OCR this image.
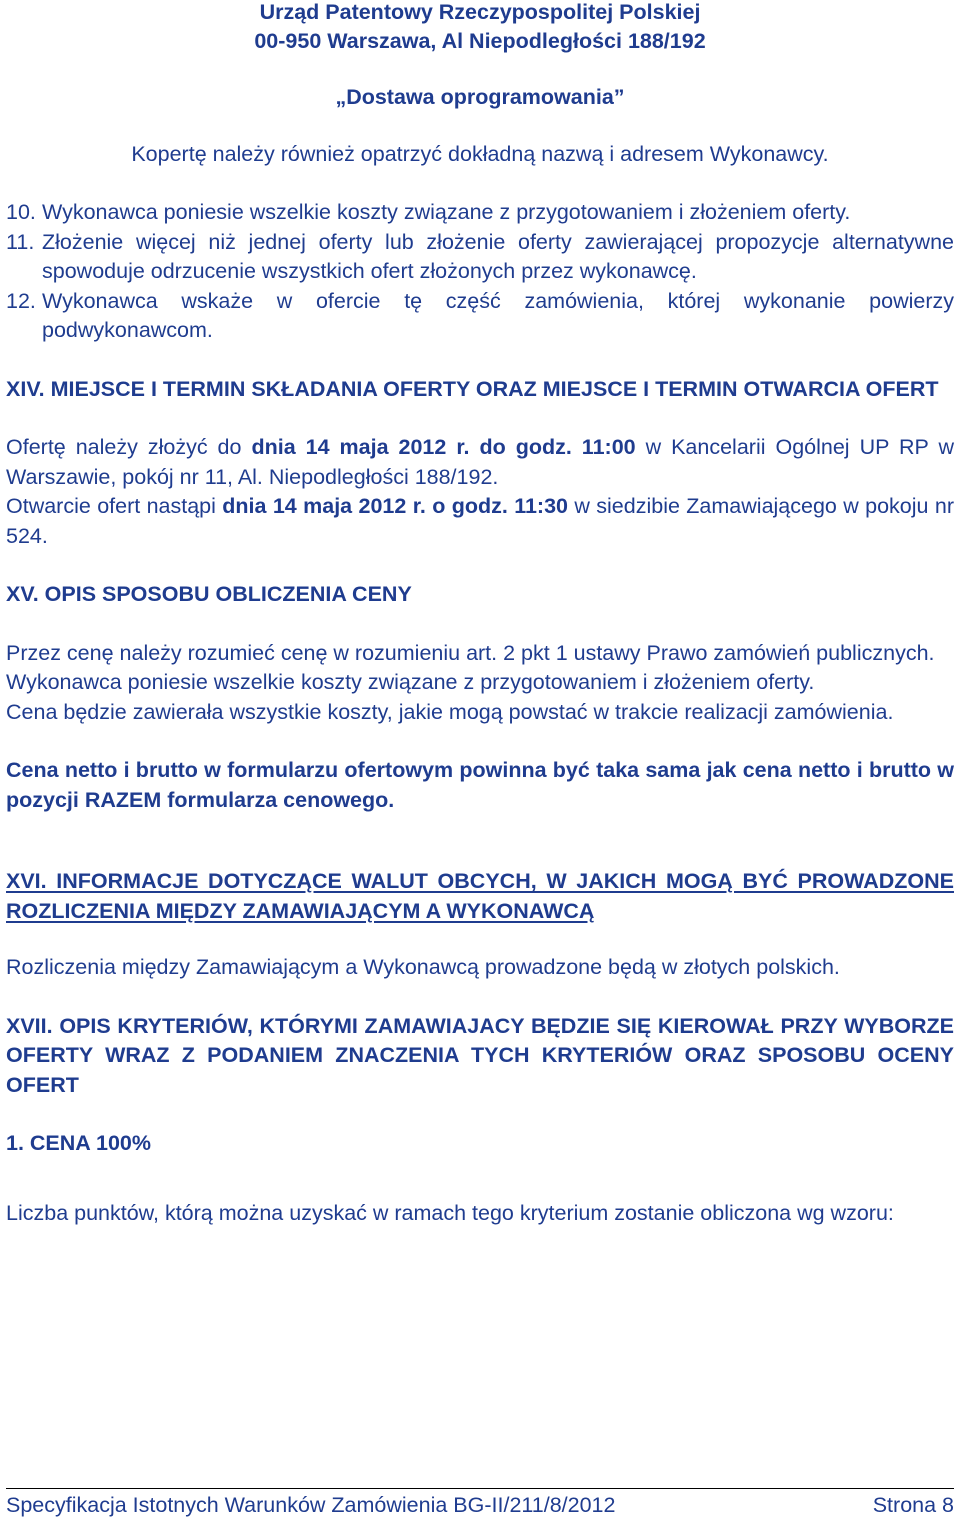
Urząd Patentowy Rzeczypospolitej Polskiej
00-950 Warszawa, Al Niepodległości 188/192
„Dostawa oprogramowania”
Kopertę należy również opatrzyć dokładną nazwą i adresem Wykonawcy.
10. Wykonawca poniesie wszelkie koszty związane z przygotowaniem i złożeniem oferty.
11. Złożenie więcej niż jednej oferty lub złożenie oferty zawierającej propozycje alternatywne spowoduje odrzucenie wszystkich ofert złożonych przez wykonawcę.
12. Wykonawca wskaże w ofercie tę część zamówienia, której wykonanie powierzy podwykonawcom.
XIV. MIEJSCE I TERMIN SKŁADANIA OFERTY ORAZ MIEJSCE I TERMIN OTWARCIA OFERT
Ofertę należy złożyć do dnia 14 maja 2012 r. do godz. 11:00 w Kancelarii Ogólnej UP RP w Warszawie, pokój nr 11, Al. Niepodległości 188/192.
Otwarcie ofert nastąpi dnia 14 maja 2012 r. o godz. 11:30 w siedzibie Zamawiającego w pokoju nr 524.
XV. OPIS SPOSOBU OBLICZENIA CENY
Przez cenę należy rozumieć cenę w rozumieniu art. 2 pkt 1 ustawy Prawo zamówień publicznych.
Wykonawca poniesie wszelkie koszty związane z przygotowaniem i złożeniem oferty.
Cena będzie zawierała wszystkie koszty, jakie mogą powstać w trakcie realizacji zamówienia.
Cena netto i brutto w formularzu ofertowym powinna być taka sama jak cena netto i brutto w pozycji RAZEM formularza cenowego.
XVI. INFORMACJE DOTYCZĄCE WALUT OBCYCH, W JAKICH MOGĄ BYĆ PROWADZONE ROZLICZENIA MIĘDZY ZAMAWIAJĄCYM A WYKONAWCĄ
Rozliczenia między Zamawiającym a Wykonawcą prowadzone będą w złotych polskich.
XVII. OPIS KRYTERIÓW, KTÓRYMI ZAMAWIAJACY BĘDZIE SIĘ KIEROWAŁ PRZY WYBORZE OFERTY WRAZ Z PODANIEM ZNACZENIA TYCH KRYTERIÓW ORAZ SPOSOBU OCENY OFERT
1. CENA 100%
Liczba punktów, którą można uzyskać w ramach tego kryterium zostanie obliczona wg wzoru:
Specyfikacja Istotnych Warunków Zamówienia BG-II/211/8/2012	Strona 8
